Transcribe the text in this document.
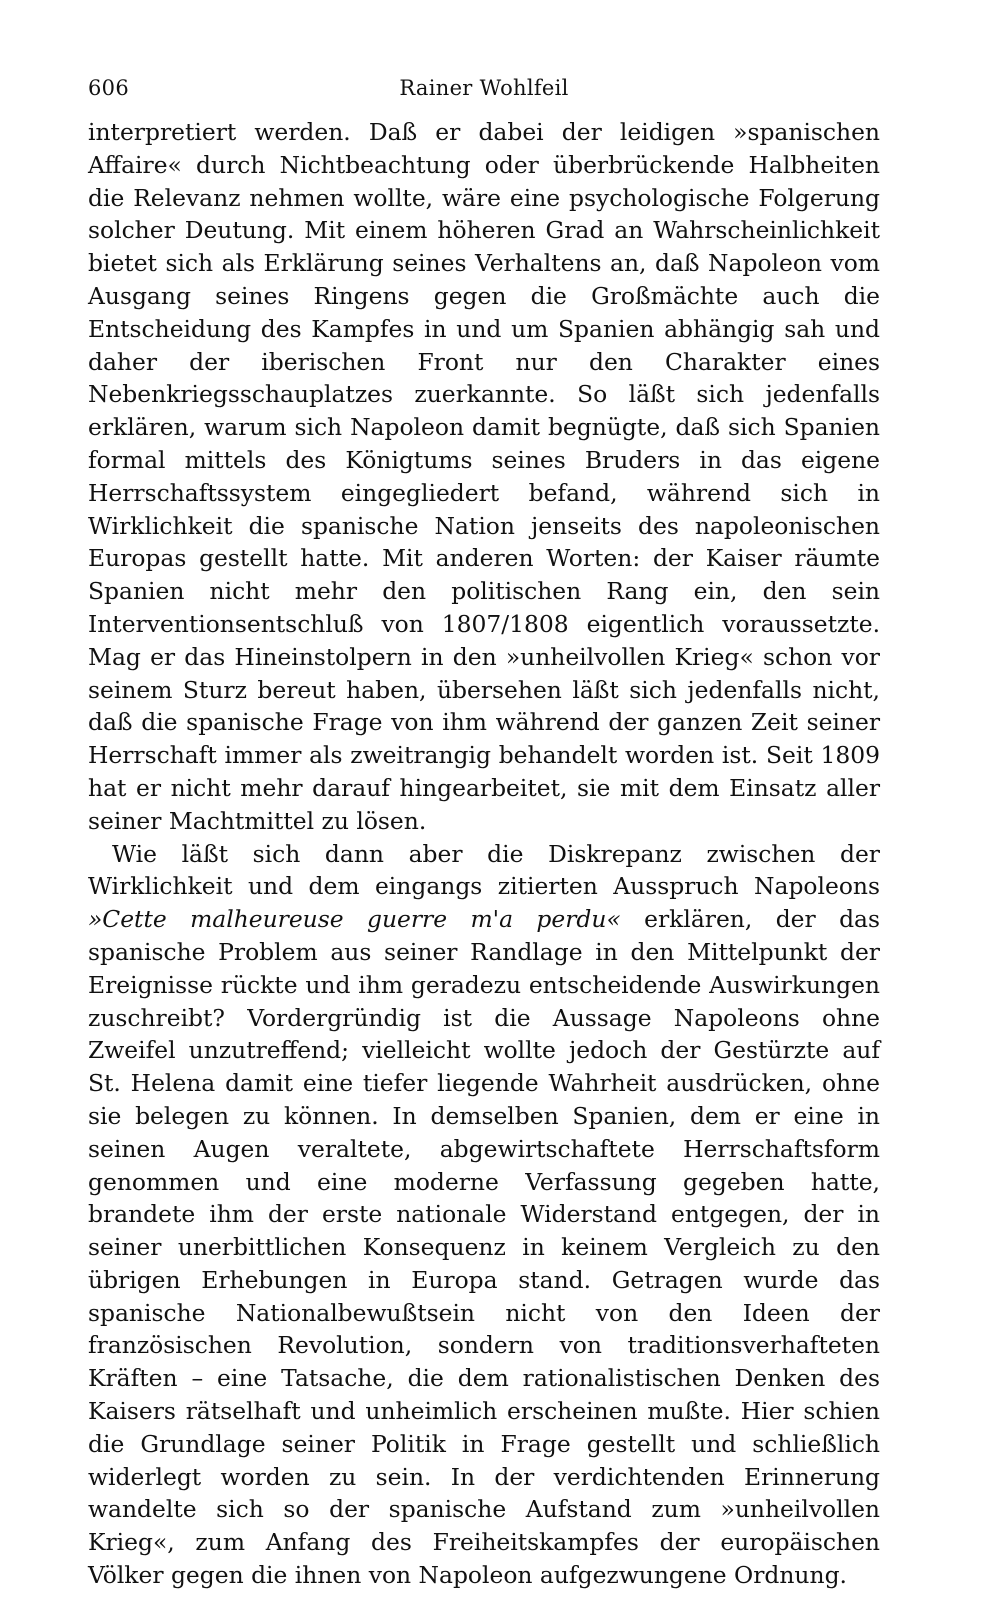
606	Rainer Wohlfeil

interpretiert werden. Daß er dabei der leidigen »spanischen Affaire« durch Nichtbeachtung oder überbrückende Halbheiten die Relevanz nehmen wollte, wäre eine psychologische Folgerung solcher Deutung. Mit einem höheren Grad an Wahrscheinlichkeit bietet sich als Erklärung seines Verhaltens an, daß Napoleon vom Ausgang seines Ringens gegen die Großmächte auch die Entscheidung des Kampfes in und um Spanien abhängig sah und daher der iberischen Front nur den Charakter eines Nebenkriegsschauplatzes zuerkannte. So läßt sich jedenfalls erklären, warum sich Napoleon damit begnügte, daß sich Spanien formal mittels des Königtums seines Bruders in das eigene Herrschaftssystem eingegliedert befand, während sich in Wirklichkeit die spanische Nation jenseits des napoleonischen Europas gestellt hatte. Mit anderen Worten: der Kaiser räumte Spanien nicht mehr den politischen Rang ein, den sein Interventionsentschluß von 1807/1808 eigentlich voraussetzte. Mag er das Hineinstolpern in den »unheilvollen Krieg« schon vor seinem Sturz bereut haben, übersehen läßt sich jedenfalls nicht, daß die spanische Frage von ihm während der ganzen Zeit seiner Herrschaft immer als zweitrangig behandelt worden ist. Seit 1809 hat er nicht mehr darauf hingearbeitet, sie mit dem Einsatz aller seiner Machtmittel zu lösen.

Wie läßt sich dann aber die Diskrepanz zwischen der Wirklichkeit und dem eingangs zitierten Ausspruch Napoleons »Cette malheureuse guerre m'a perdu« erklären, der das spanische Problem aus seiner Randlage in den Mittelpunkt der Ereignisse rückte und ihm geradezu entscheidende Auswirkungen zuschreibt? Vordergründig ist die Aussage Napoleons ohne Zweifel unzutreffend; vielleicht wollte jedoch der Gestürzte auf St. Helena damit eine tiefer liegende Wahrheit ausdrücken, ohne sie belegen zu können. In demselben Spanien, dem er eine in seinen Augen veraltete, abgewirtschaftete Herrschaftsform genommen und eine moderne Verfassung gegeben hatte, brandete ihm der erste nationale Widerstand entgegen, der in seiner unerbittlichen Konsequenz in keinem Vergleich zu den übrigen Erhebungen in Europa stand. Getragen wurde das spanische Nationalbewußtsein nicht von den Ideen der französischen Revolution, sondern von traditionsverhafteten Kräften – eine Tatsache, die dem rationalistischen Denken des Kaisers rätselhaft und unheimlich erscheinen mußte. Hier schien die Grundlage seiner Politik in Frage gestellt und schließlich widerlegt worden zu sein. In der verdichtenden Erinnerung wandelte sich so der spanische Aufstand zum »unheilvollen Krieg«, zum Anfang des Freiheitskampfes der europäischen Völker gegen die ihnen von Napoleon aufgezwungene Ordnung.
